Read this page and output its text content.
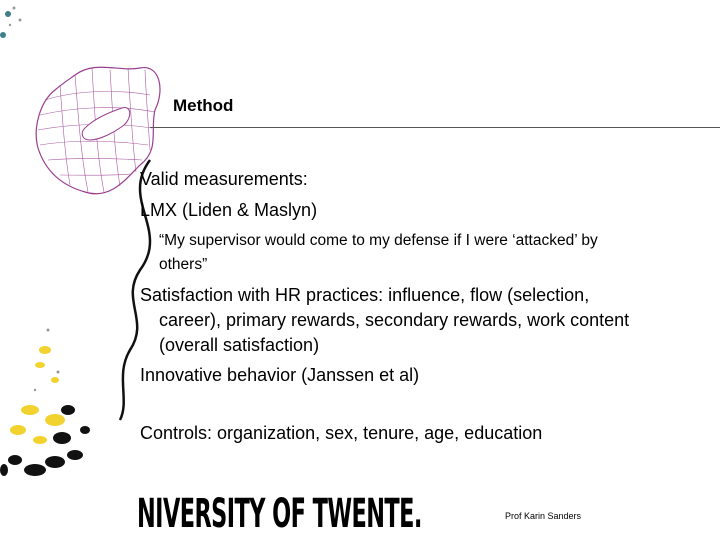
Method
Valid measurements:
LMX (Liden & Maslyn)
“My supervisor would come to my defense if I were ‘attacked’ by
others”
Satisfaction with HR practices: influence, flow (selection,
career), primary rewards, secondary rewards, work content
(overall satisfaction)
Innovative behavior (Janssen et al)
Controls: organization, sex, tenure, age, education
NIVERSITY OF TWENTE.	Prof Karin Sanders
